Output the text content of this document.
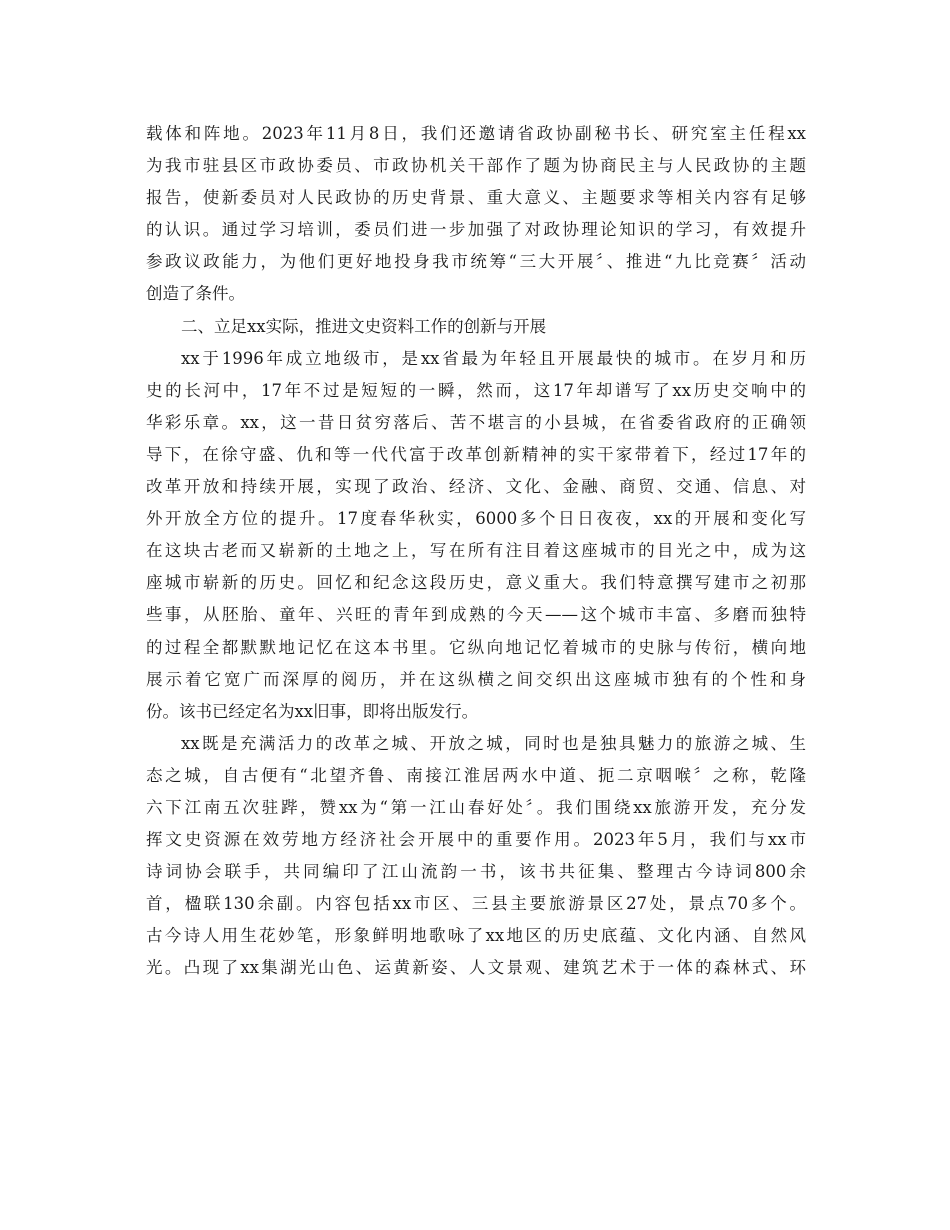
载体和阵地。2023年11月8日，我们还邀请省政协副秘书长、研究室主任程xx
为我市驻县区市政协委员、市政协机关干部作了题为协商民主与人民政协的主题
报告，使新委员对人民政协的历史背景、重大意义、主题要求等相关内容有足够
的认识。通过学习培训，委员们进一步加强了对政协理论知识的学习，有效提升
参政议政能力，为他们更好地投身我市统筹“三大开展〞、推进“九比竞赛〞活动
创造了条件。
二、立足xx实际，推进文史资料工作的创新与开展
xx于1996年成立地级市，是xx省最为年轻且开展最快的城市。在岁月和历
史的长河中，17年不过是短短的一瞬，然而，这17年却谱写了xx历史交响中的
华彩乐章。xx，这一昔日贫穷落后、苦不堪言的小县城，在省委省政府的正确领
导下，在徐守盛、仇和等一代代富于改革创新精神的实干家带着下，经过17年的
改革开放和持续开展，实现了政治、经济、文化、金融、商贸、交通、信息、对
外开放全方位的提升。17度春华秋实，6000多个日日夜夜，xx的开展和变化写
在这块古老而又崭新的土地之上，写在所有注目着这座城市的目光之中，成为这
座城市崭新的历史。回忆和纪念这段历史，意义重大。我们特意撰写建市之初那
些事，从胚胎、童年、兴旺的青年到成熟的今天——这个城市丰富、多磨而独特
的过程全都默默地记忆在这本书里。它纵向地记忆着城市的史脉与传衍，横向地
展示着它宽广而深厚的阅历，并在这纵横之间交织出这座城市独有的个性和身
份。该书已经定名为xx旧事，即将出版发行。
xx既是充满活力的改革之城、开放之城，同时也是独具魅力的旅游之城、生
态之城，自古便有“北望齐鲁、南接江淮居两水中道、扼二京咽喉〞之称，乾隆
六下江南五次驻跸，赞xx为“第一江山春好处〞。我们围绕xx旅游开发，充分发
挥文史资源在效劳地方经济社会开展中的重要作用。2023年5月，我们与xx市
诗词协会联手，共同编印了江山流韵一书，该书共征集、整理古今诗词800余
首，楹联130余副。内容包括xx市区、三县主要旅游景区27处，景点70多个。
古今诗人用生花妙笔，形象鲜明地歌咏了xx地区的历史底蕴、文化内涵、自然风
光。凸现了xx集湖光山色、运黄新姿、人文景观、建筑艺术于一体的森林式、环
